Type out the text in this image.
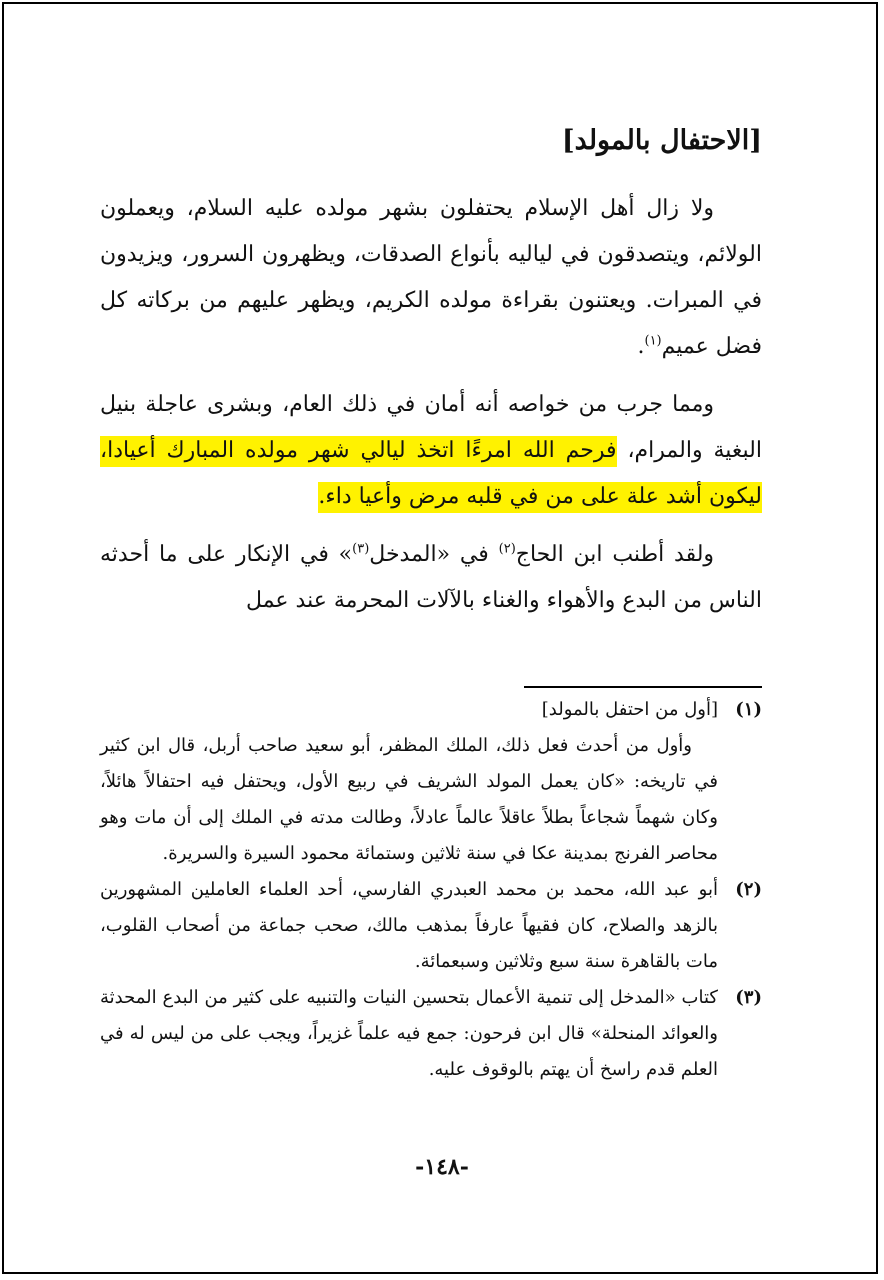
[الاحتفال بالمولد]

ولا زال أهل الإسلام يحتفلون بشهر مولده عليه السلام، ويعملون الولائم، ويتصدقون في لياليه بأنواع الصدقات، ويظهرون السرور، ويزيدون في المبرات. ويعتنون بقراءة مولده الكريم، ويظهر عليهم من بركاته كل فضل عميم$^{(١)}$.

ومما جرب من خواصه أنه أمان في ذلك العام، وبشرى عاجلة بنيل البغية والمرام، فرحم الله امرءًا اتخذ ليالي شهر مولده المبارك أعيادا، ليكون أشد علة على من في قلبه مرض وأعيا داء.

ولقد أطنب ابن الحاج$^{(٢)}$ في «المدخل$^{(٣)}$» في الإنكار على ما أحدثه الناس من البدع والأهواء والغناء بالآلات المحرمة عند عمل

(١)
[أول من احتفل بالمولد]

وأول من أحدث فعل ذلك، الملك المظفر، أبو سعيد صاحب أربل، قال ابن كثير في تاريخه: «كان يعمل المولد الشريف في ربيع الأول، ويحتفل فيه احتفالاً هائلاً، وكان شهماً شجاعاً بطلاً عاقلاً عالماً عادلاً، وطالت مدته في الملك إلى أن مات وهو محاصر الفرنج بمدينة عكا في سنة ثلاثين وستمائة محمود السيرة والسريرة.

(٢)

أبو عبد الله، محمد بن محمد العبدري الفارسي، أحد العلماء العاملين المشهورين بالزهد والصلاح، كان فقيهاً عارفاً بمذهب مالك، صحب جماعة من أصحاب القلوب، مات بالقاهرة سنة سبع وثلاثين وسبعمائة.

(٣)

كتاب «المدخل إلى تنمية الأعمال بتحسين النيات والتنبيه على كثير من البدع المحدثة والعوائد المنحلة» قال ابن فرحون: جمع فيه علماً غزيراً، ويجب على من ليس له في العلم قدم راسخ أن يهتم بالوقوف عليه.

-١٤٨-
